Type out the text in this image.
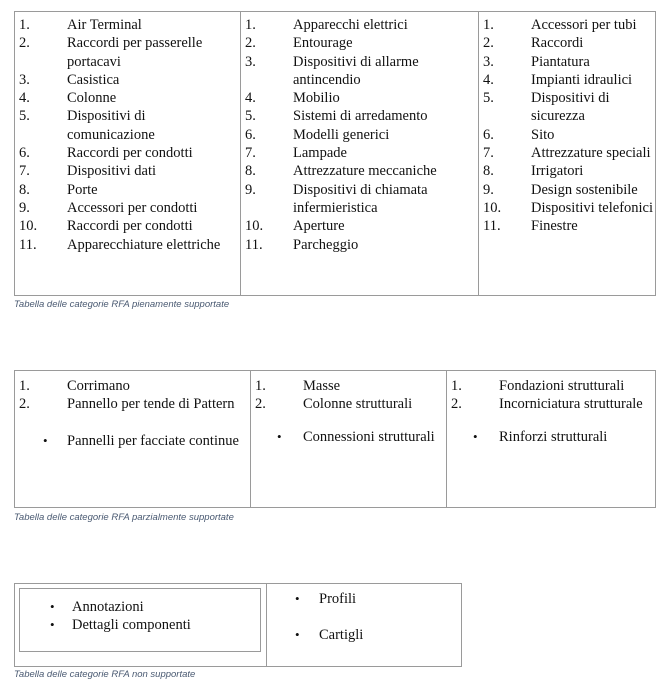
1.	Air Terminal
2.	Raccordi per passerelle portacavi
3.	Casistica
4.	Colonne
5.	Dispositivi di comunicazione
6.	Raccordi per condotti
7.	Dispositivi dati
8.	Porte
9.	Accessori per condotti
10. Raccordi per condotti
11. Apparecchiature elettriche
1.	Apparecchi elettrici
2.	Entourage
3.	Dispositivi di allarme antincendio
4.	Mobilio
5.	Sistemi di arredamento
6.	Modelli generici
7.	Lampade
8.	Attrezzature meccaniche
9.	Dispositivi di chiamata infermieristica
10. Aperture
11. Parcheggio
1.	Accessori per tubi
2.	Raccordi
3.	Piantatura
4.	Impianti idraulici
5.	Dispositivi di sicurezza
6.	Sito
7.	Attrezzature speciali
8.	Irrigatori
9.	Design sostenibile
10. Dispositivi telefonici
11. Finestre
Tabella delle categorie RFA pienamente supportate
1.	Corrimano
2.	Pannello per tende di Pattern
•
Pannelli per facciate continue
1.	Masse
2.	Colonne strutturali
•
Connessioni strutturali
1.	Fondazioni strutturali
2.	Incorniciatura strutturale
•
Rinforzi strutturali
Tabella delle categorie RFA parzialmente supportate
•
Annotazioni
•
Dettagli componenti
•
Profili
•
Cartigli
Tabella delle categorie RFA non supportate
